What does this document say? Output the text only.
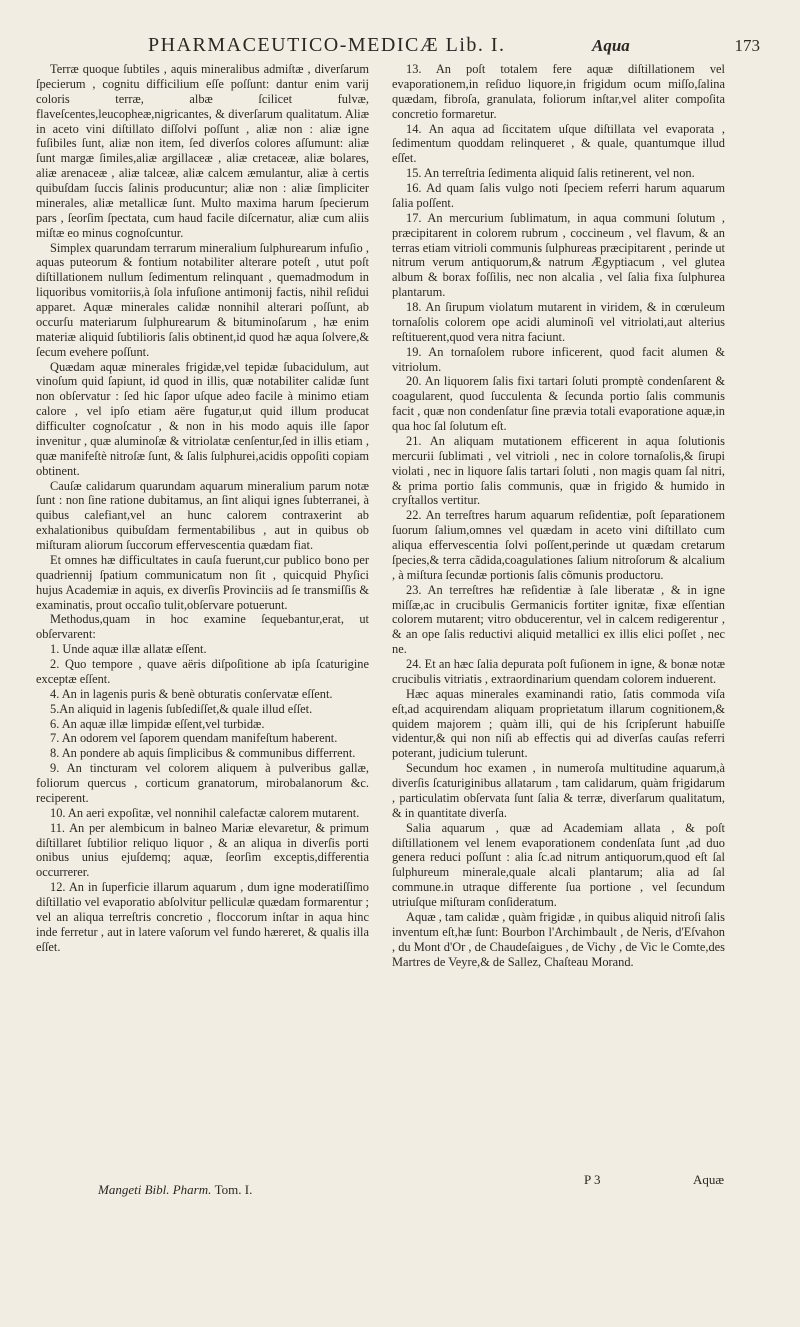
PHARMACEUTICO-MEDICÆ Lib. I.	Aqua	173

Terræ quoque ſubtiles , aquis mineralibus admiſtæ , diverſarum ſpecierum , cognitu difficilium eſſe poſſunt: dantur enim varij coloris terræ, albæ ſcilicet fulvæ, flaveſcentes,leucopheæ,nigricantes, & diverſarum qualitatum. Aliæ in aceto vini diſtillato diſſolvi poſſunt , aliæ non : aliæ igne fuſibiles ſunt, aliæ non item, ſed diverſos colores aſſumunt: aliæ ſunt margæ ſimiles,aliæ argillaceæ , aliæ cretaceæ, aliæ bolares, aliæ arenaceæ , aliæ talceæ, aliæ calcem æmulantur, aliæ à certis quibuſdam ſuccis ſalinis producuntur; aliæ non : aliæ ſimpliciter minerales, aliæ metallicæ ſunt. Multo maxima harum ſpecierum pars , ſeorſim ſpectata, cum haud facile diſcernatur, aliæ cum aliis miſtæ eo minus cognoſcuntur.

Simplex quarundam terrarum mineralium ſulphurearum infuſio , aquas puteorum & fontium notabiliter alterare poteſt , utut poſt diſtillationem nullum ſedimentum relinquant , quemadmodum in liquoribus vomitoriis,à ſola infuſione antimonij factis, nihil reſidui apparet. Aquæ minerales calidæ nonnihil alterari poſſunt, ab occurſu materiarum ſulphurearum & bituminoſarum , hæ enim materiæ aliquid ſubtilioris ſalis obtinent,id quod hæ aqua ſolvere,& ſecum evehere poſſunt.

Quædam aquæ minerales frigidæ,vel tepidæ ſubacidulum, aut vinoſum quid ſapiunt, id quod in illis, quæ notabiliter calidæ ſunt non obſervatur : ſed hic ſapor uſque adeo facile à minimo etiam calore , vel ipſo etiam aëre fugatur,ut quid illum producat difficulter cognoſcatur , & non in his modo aquis ille ſapor invenitur , quæ aluminoſæ & vitriolatæ cenſentur,ſed in illis etiam , quæ manifeſtè nitroſæ ſunt, & ſalis ſulphurei,acidis oppoſiti copiam obtinent.

Cauſæ calidarum quarundam aquarum mineralium parum notæ ſunt : non ſine ratione dubitamus, an ſint aliqui ignes ſubterranei, à quibus calefiant,vel an hunc calorem contraxerint ab exhalationibus quibuſdam fermentabilibus , aut in quibus ob miſturam aliorum ſuccorum effervescentia quædam fiat.

Et omnes hæ difficultates in cauſa fuerunt,cur publico bono per quadriennij ſpatium communicatum non ſit , quicquid Phyſici hujus Academiæ in aquis, ex diverſis Provinciis ad ſe transmiſſis & examinatis, prout occaſio tulit,obſervare potuerunt.

Methodus,quam in hoc examine ſequebantur,erat, ut obſervarent:

1. Unde aquæ illæ allatæ eſſent.

2. Quo tempore , quave aëris diſpoſitione ab ipſa ſcaturigine exceptæ eſſent.

4. An in lagenis puris & benè obturatis conſervatæ eſſent.

5.An aliquid in lagenis ſubſediſſet,& quale illud eſſet.

6. An aquæ illæ limpidæ eſſent,vel turbidæ.

7. An odorem vel ſaporem quendam manifeſtum haberent.

8. An pondere ab aquis ſimplicibus & communibus differrent.

9. An tincturam vel colorem aliquem à pulveribus gallæ, foliorum quercus , corticum granatorum, mirobalanorum &c. reciperent.

10. An aeri expoſitæ, vel nonnihil calefactæ calorem mutarent.

11. An per alembicum in balneo Mariæ elevaretur, & primum diſtillaret ſubtilior reliquo liquor , & an aliqua in diverſis porti onibus unius ejuſdemq; aquæ, ſeorſim exceptis,differentia occurrerer.

12. An in ſuperficie illarum aquarum , dum igne moderatiſſimo diſtillatio vel evaporatio abſolvitur pelliculæ quædam formarentur ; vel an aliqua terreſtris concretio , floccorum inſtar in aqua hinc inde ferretur , aut in latere vaſorum vel fundo hæreret, & qualis illa eſſet.

13. An poſt totalem fere aquæ diſtillationem vel evaporationem,in reſiduo liquore,in frigidum ocum miſſo,ſalina quædam, fibroſa, granulata, foliorum inſtar,vel aliter compoſita concretio formaretur.

14. An aqua ad ſiccitatem uſque diſtillata vel evaporata , ſedimentum quoddam relinqueret , & quale, quantumque illud eſſet.

15. An terreſtria ſedimenta aliquid ſalis retinerent, vel non.

16. Ad quam ſalis vulgo noti ſpeciem referri harum aquarum ſalia poſſent.

17. An mercurium ſublimatum, in aqua communi ſolutum , præcipitarent in colorem rubrum , coccineum , vel flavum, & an terras etiam vitrioli communis ſulphureas præcipitarent , perinde ut nitrum verum antiquorum,& natrum Ægyptiacum , vel glutea album & borax foſſilis, nec non alcalia , vel ſalia fixa ſulphurea plantarum.

18. An ſirupum violatum mutarent in viridem, & in cœruleum tornaſolis colorem ope acidi aluminoſi vel vitriolati,aut alterius reſtituerent,quod vera nitra faciunt.

19. An tornaſolem rubore inficerent, quod facit alumen & vitriolum.

20. An liquorem ſalis fixi tartari ſoluti promptè condenſarent & coagularent, quod ſucculenta & ſecunda portio ſalis communis facit , quæ non condenſatur ſine prævia totali evaporatione aquæ,in qua hoc ſal ſolutum eſt.

21. An aliquam mutationem efficerent in aqua ſolutionis mercurii ſublimati , vel vitrioli , nec in colore tornaſolis,& ſirupi violati , nec in liquore ſalis tartari ſoluti , non magis quam ſal nitri, & prima portio ſalis communis, quæ in frigido & humido in cryſtallos vertitur.

22. An terreſtres harum aquarum reſidentiæ, poſt ſeparationem ſuorum ſalium,omnes vel quædam in aceto vini diſtillato cum aliqua effervescentia ſolvi poſſent,perinde ut quædam cretarum ſpecies,& terra cãdida,coagulationes ſalium nitroſorum & alcalium , à miſtura ſecundæ portionis ſalis cõmunis productoru.

23. An terreſtres hæ reſidentiæ à ſale liberatæ , & in igne miſſæ,ac in crucibulis Germanicis fortiter ignitæ, fixæ eſſentian colorem mutarent; vitro obducerentur, vel in calcem redigerentur , & an ope ſalis reductivi aliquid metallici ex illis elici poſſet , nec ne.

24. Et an hæc ſalia depurata poſt fuſionem in igne, & bonæ notæ crucibulis vitriatis , extraordinarium quendam colorem induerent.

Hæc aquas minerales examinandi ratio, ſatis commoda viſa eſt,ad acquirendam aliquam proprietatum illarum cognitionem,& quidem majorem ; quàm illi, qui de his ſcripſerunt habuiſſe videntur,& qui non niſi ab effectis qui ad diverſas cauſas referri poterant, judicium tulerunt.

Secundum hoc examen , in numeroſa multitudine aquarum,à diverſis ſcaturiginibus allatarum , tam calidarum, quàm frigidarum , particulatim obſervata ſunt ſalia & terræ, diverſarum qualitatum, & in quantitate diverſa.

Salia aquarum , quæ ad Academiam allata , & poſt diſtillationem vel lenem evaporationem condenſata ſunt ,ad duo genera reduci poſſunt : alia ſc.ad nitrum antiquorum,quod eſt ſal ſulphureum minerale,quale alcali plantarum; alia ad ſal commune.in utraque differente ſua portione , vel ſecundum utriuſque miſturam conſideratum.

Aquæ , tam calidæ , quàm frigidæ , in quibus aliquid nitroſi ſalis inventum eſt,hæ ſunt: Bourbon l'Archimbault , de Neris, d'Eſvahon , du Mont d'Or , de Chaudeſaigues , de Vichy , de Vic le Comte,des Martres de Veyre,& de Sallez, Chaſteau Morand.

Mangeti Bibl. Pharm. Tom. I.
P 3	Aquæ
